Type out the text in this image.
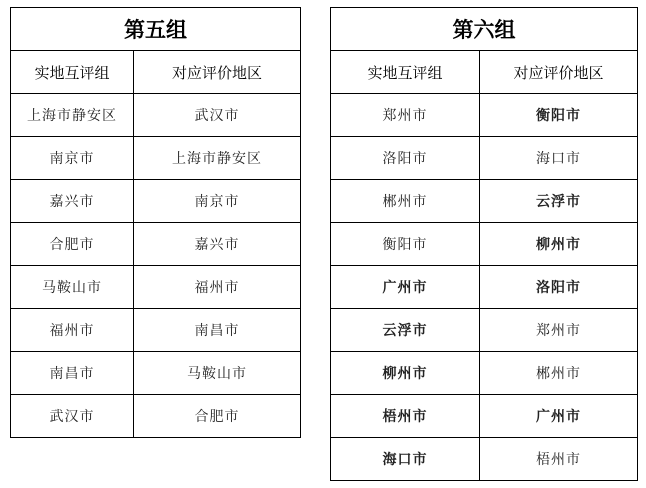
第五组	
实地互评组	对应评价地区
上海市静安区	武汉市
南京市	上海市静安区
嘉兴市	南京市
合肥市	嘉兴市
马鞍山市	福州市
福州市	南昌市
南昌市	马鞍山市
武汉市	合肥市
第六组	
实地互评组	对应评价地区
郑州市	衡阳市
洛阳市	海口市
郴州市	云浮市
衡阳市	柳州市
广州市	洛阳市
云浮市	郑州市
柳州市	郴州市
梧州市	广州市
海口市	梧州市
